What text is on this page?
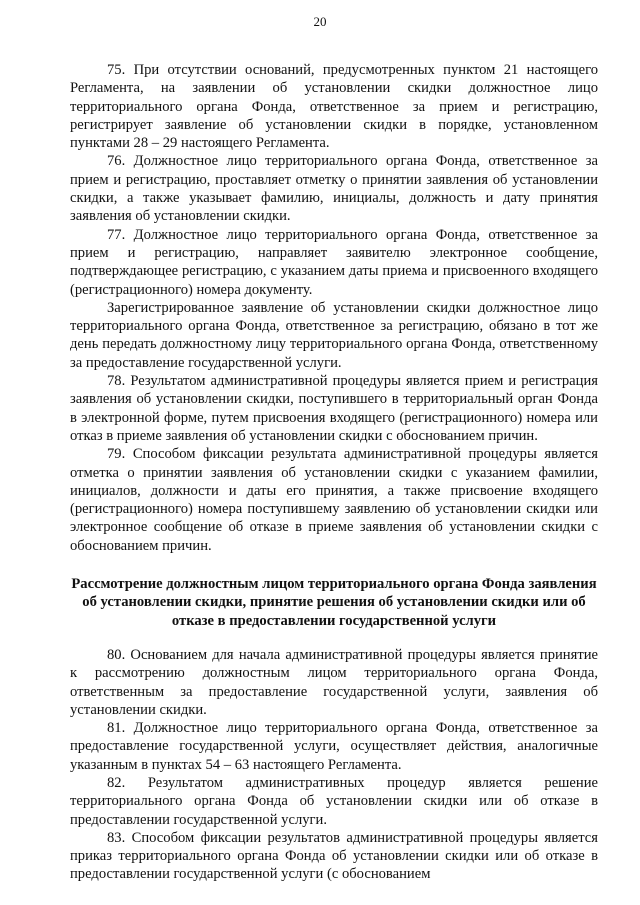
20

75. При отсутствии оснований, предусмотренных пунктом 21 настоящего Регламента, на заявлении об установлении скидки должностное лицо территориального органа Фонда, ответственное за прием и регистрацию, регистрирует заявление об установлении скидки в порядке, установленном пунктами 28 – 29 настоящего Регламента.

76. Должностное лицо территориального органа Фонда, ответственное за прием и регистрацию, проставляет отметку о принятии заявления об установлении скидки, а также указывает фамилию, инициалы, должность и дату принятия заявления об установлении скидки.

77. Должностное лицо территориального органа Фонда, ответственное за прием и регистрацию, направляет заявителю электронное сообщение, подтверждающее регистрацию, с указанием даты приема и присвоенного входящего (регистрационного) номера документу.

Зарегистрированное заявление об установлении скидки должностное лицо территориального органа Фонда, ответственное за регистрацию, обязано в тот же день передать должностному лицу территориального органа Фонда, ответственному за предоставление государственной услуги.

78. Результатом административной процедуры является прием и регистрация заявления об установлении скидки, поступившего в территориальный орган Фонда в электронной форме, путем присвоения входящего (регистрационного) номера или отказ в приеме заявления об установлении скидки с обоснованием причин.

79. Способом фиксации результата административной процедуры является отметка о принятии заявления об установлении скидки с указанием фамилии, инициалов, должности и даты его принятия, а также присвоение входящего (регистрационного) номера поступившему заявлению об установлении скидки или электронное сообщение об отказе в приеме заявления об установлении скидки с обоснованием причин.

Рассмотрение должностным лицом территориального органа Фонда заявления об установлении скидки, принятие решения об установлении скидки или об отказе в предоставлении государственной услуги

80. Основанием для начала административной процедуры является принятие к рассмотрению должностным лицом территориального органа Фонда, ответственным за предоставление государственной услуги, заявления об установлении скидки.

81. Должностное лицо территориального органа Фонда, ответственное за предоставление государственной услуги, осуществляет действия, аналогичные указанным в пунктах 54 – 63 настоящего Регламента.

82. Результатом административных процедур является решение территориального органа Фонда об установлении скидки или об отказе в предоставлении государственной услуги.

83. Способом фиксации результатов административной процедуры является приказ территориального органа Фонда об установлении скидки или об отказе в предоставлении государственной услуги (с обоснованием
